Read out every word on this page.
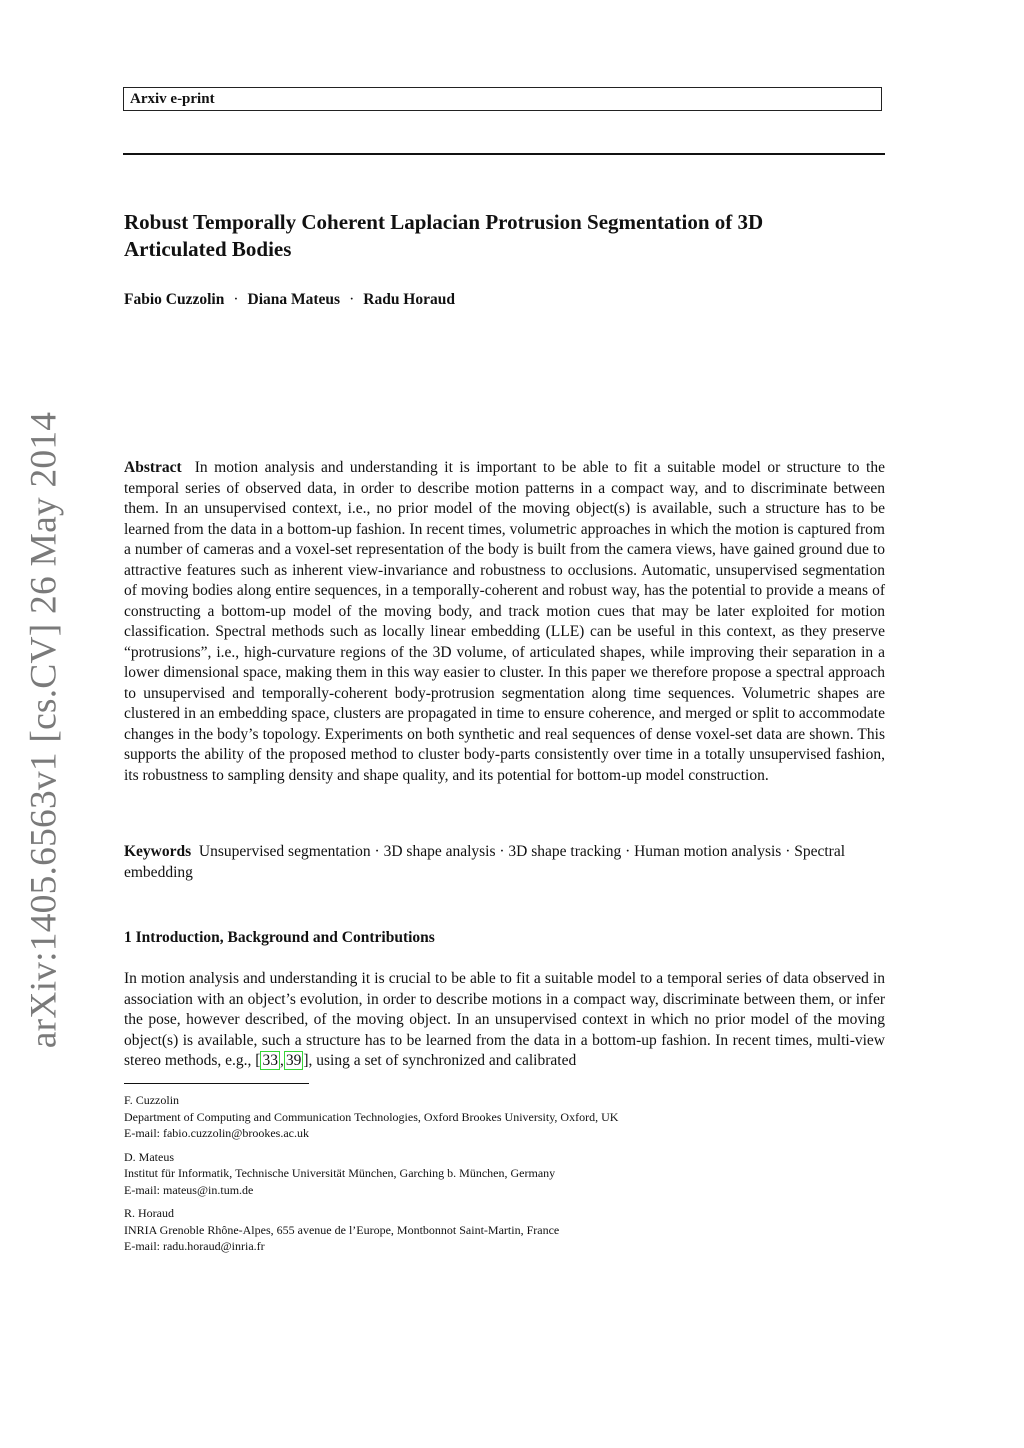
Arxiv e-print
Robust Temporally Coherent Laplacian Protrusion Segmentation of 3D Articulated Bodies
Fabio Cuzzolin · Diana Mateus · Radu Horaud
arXiv:1405.6563v1 [cs.CV] 26 May 2014	Abstract In motion analysis and understanding it is important to be able to fit a suitable model or structure to the temporal series of observed data, in order to describe motion patterns in a compact way, and to discriminate between them. In an unsupervised context, i.e., no prior model of the moving object(s) is available, such a structure has to be learned from the data in a bottom-up fashion. In recent times, volumetric approaches in which the motion is captured from a number of cameras and a voxel-set representation of the body is built from the camera views, have gained ground due to attractive features such as inherent view-invariance and robustness to occlusions. Automatic, unsupervised segmentation of moving bodies along entire sequences, in a temporally-coherent and robust way, has the potential to provide a means of constructing a bottom-up model of the moving body, and track motion cues that may be later exploited for motion classification. Spectral methods such as locally linear embedding (LLE) can be useful in this context, as they preserve “protrusions”, i.e., high-curvature regions of the 3D volume, of articulated shapes, while improving their separation in a lower dimensional space, making them in this way easier to cluster. In this paper we therefore propose a spectral approach to unsupervised and temporally-coherent body-protrusion segmentation along time sequences. Volumetric shapes are clustered in an embedding space, clusters are propagated in time to ensure coherence, and merged or split to accommodate changes in the body’s topology. Experiments on both synthetic and real sequences of dense voxel-set data are shown. This supports the ability of the proposed method to cluster body-parts consistently over time in a totally unsupervised fashion, its robustness to sampling density and shape quality, and its potential for bottom-up model construction.

Keywords Unsupervised segmentation · 3D shape analysis · 3D shape tracking · Human motion analysis · Spectral embedding

1 Introduction, Background and Contributions

In motion analysis and understanding it is crucial to be able to fit a suitable model to a temporal series of data observed in association with an object’s evolution, in order to describe motions in a compact way, discriminate between them, or infer the pose, however described, of the moving object. In an unsupervised context in which no prior model of the moving object(s) is available, such a structure has to be learned from the data in a bottom-up fashion. In recent times, multi-view stereo methods, e.g., [ 33 , 39 ], using a set of synchronized and calibrated

F. Cuzzolin
Department of Computing and Communication Technologies, Oxford Brookes University, Oxford, UK
E-mail: fabio.cuzzolin@brookes.ac.uk
D. Mateus
Institut für Informatik, Technische Universität München, Garching b. München, Germany
E-mail: mateus@in.tum.de
R. Horaud
INRIA Grenoble Rhône-Alpes, 655 avenue de l’Europe, Montbonnot Saint-Martin, France
E-mail: radu.horaud@inria.fr
